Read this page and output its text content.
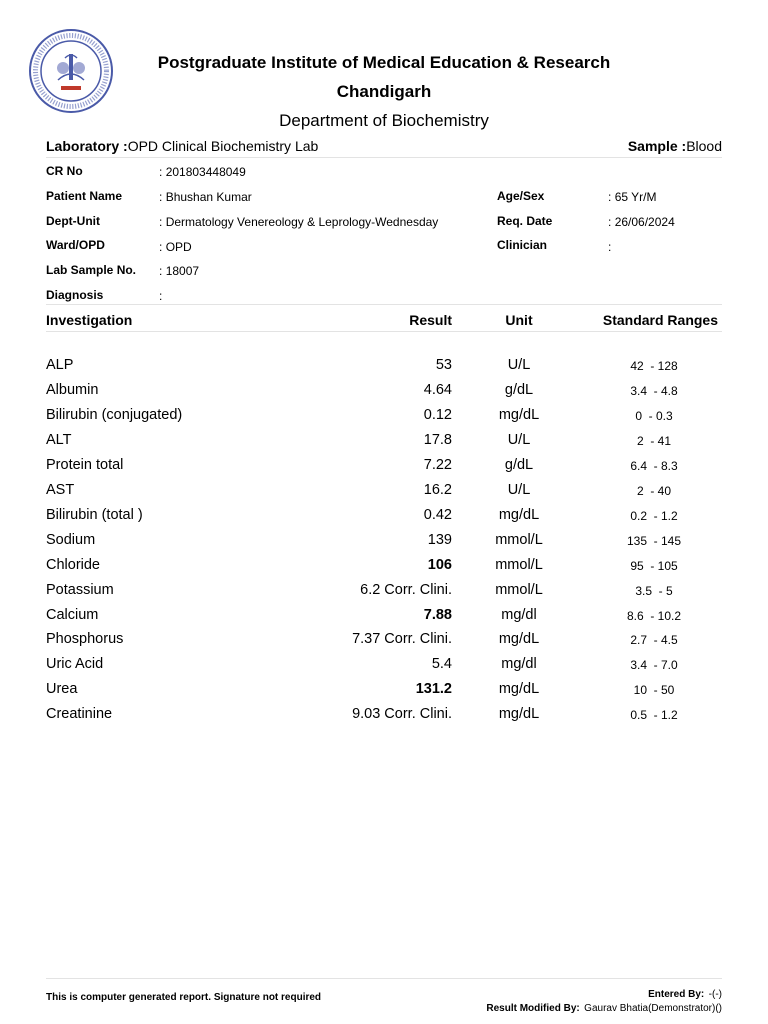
Postgraduate Institute of Medical Education & Research
Chandigarh
Department of Biochemistry
Laboratory :OPD Clinical Biochemistry Lab	Sample :Blood
CR No	: 201803448049
Patient Name	: Bhushan Kumar
Dept-Unit	: Dermatology Venereology & Leprology-Wednesday
Ward/OPD	: OPD
Lab Sample No. : 18007
Diagnosis	:
Age/Sex	: 65 Yr/M
Req. Date	: 26/06/2024
Clinician	:
Investigation	Result	Unit	Standard Ranges
ALP	53	U/L	42  - 128
Albumin	4.64	g/dL	3.4  - 4.8
Bilirubin (conjugated)	0.12	mg/dL	0  - 0.3
ALT	17.8	U/L	2  - 41
Protein total	7.22	g/dL	6.4  - 8.3
AST	16.2	U/L	2  - 40
Bilirubin (total )	0.42	mg/dL	0.2  - 1.2
Sodium	139	mmol/L	135  - 145
Chloride	106	mmol/L	95  - 105
Potassium	6.2 Corr. Clini.	mmol/L	3.5  - 5
Calcium	7.88	mg/dl	8.6  - 10.2
Phosphorus	7.37 Corr. Clini.	mg/dL	2.7  - 4.5
Uric Acid	5.4	mg/dl	3.4  - 7.0
Urea	131.2	mg/dL	10  - 50
Creatinine	9.03 Corr. Clini.	mg/dL	0.5  - 1.2
This is computer generated report. Signature not required	Entered By: -(-)
Result Modified By: Gaurav Bhatia(Demonstrator)()
